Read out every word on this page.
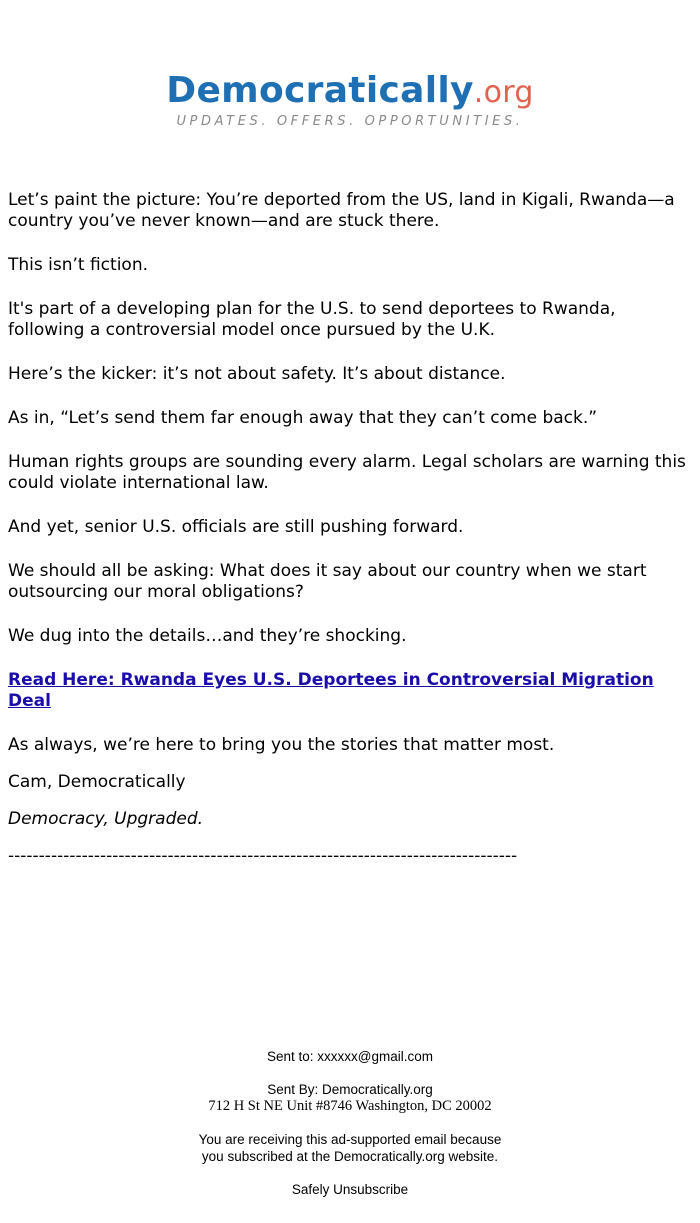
Democratically.org
UPDATES. OFFERS. OPPORTUNITIES.

Let’s paint the picture: You’re deported from the US, land in Kigali, Rwanda—a country you’ve never known—and are stuck there.

This isn’t fiction.

It's part of a developing plan for the U.S. to send deportees to Rwanda, following a controversial model once pursued by the U.K.

Here’s the kicker: it’s not about safety. It’s about distance.

As in, “Let’s send them far enough away that they can’t come back.”

Human rights groups are sounding every alarm. Legal scholars are warning this could violate international law.

And yet, senior U.S. officials are still pushing forward.

We should all be asking: What does it say about our country when we start outsourcing our moral obligations?

We dug into the details…and they’re shocking.

Read Here: Rwanda Eyes U.S. Deportees in Controversial Migration Deal

As always, we’re here to bring you the stories that matter most.

Cam, Democratically

Democracy, Upgraded.

-----------------------------------------------------------------------------------

Sent to: xxxxxx@gmail.com
Sent By: Democratically.org
712 H St NE Unit #8746 Washington, DC 20002
You are receiving this ad-supported email because
you subscribed at the Democratically.org website.
Safely Unsubscribe
